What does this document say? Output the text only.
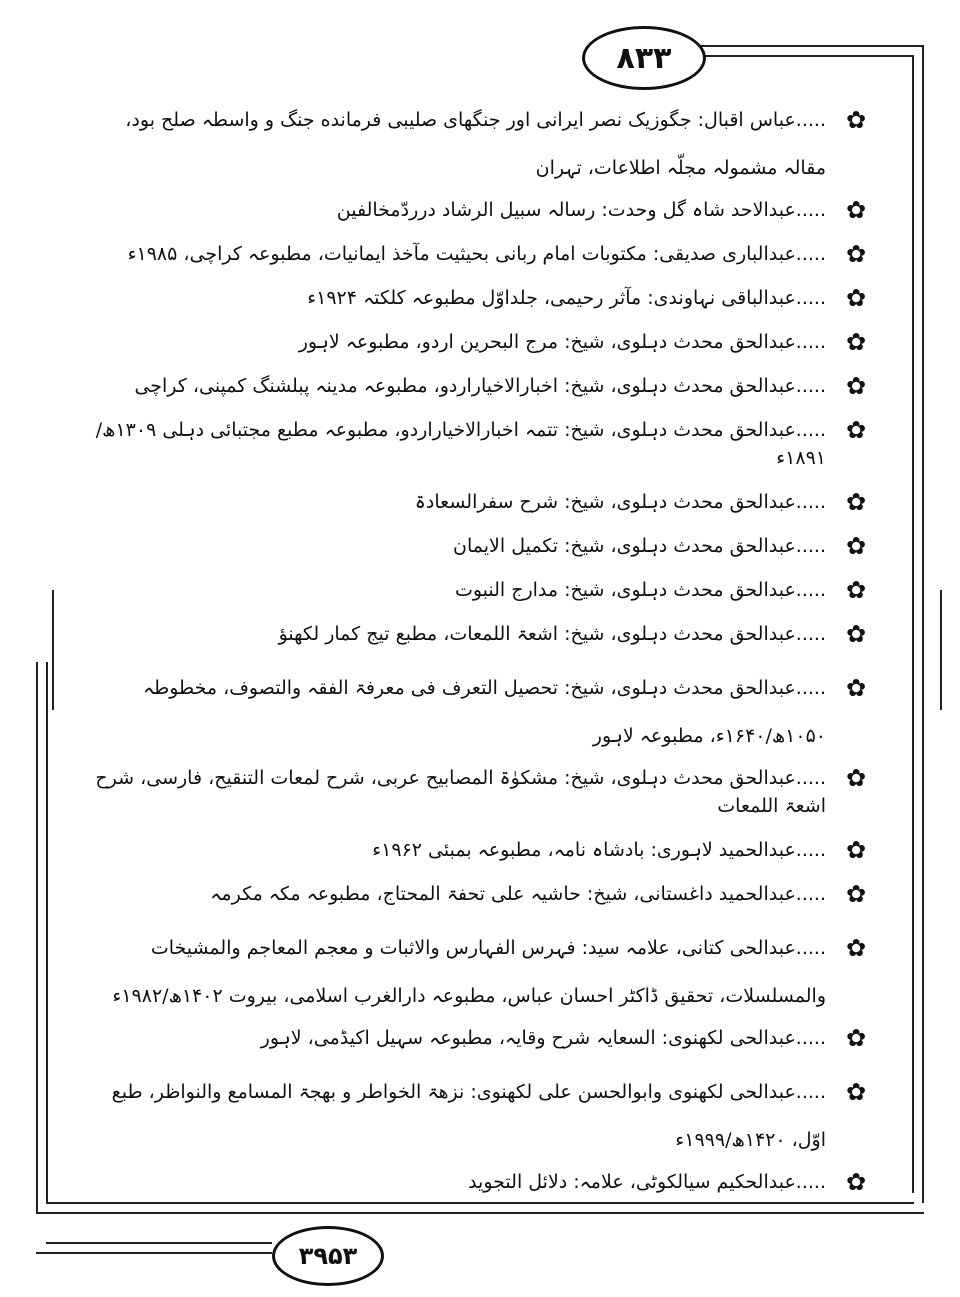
۸۳۳
✿
.....عباس اقبال: جگوزیک نصر ایرانی اور جنگھای صلیبی فرمانده جنگ و واسطہ صلح بود، مقالہ مشمولہ مجلّہ اطلاعات، تہران
✿
.....عبدالاحد شاہ گل وحدت: رسالہ سبیل الرشاد درردّمخالفین
✿
.....عبدالباری صدیقی: مکتوبات امام ربانی بحیثیت مآخذ ایمانیات، مطبوعہ کراچی، ۱۹۸۵ء
✿
.....عبدالباقی نہاوندی: مآثر رحیمی، جلداوّل مطبوعہ کلکتہ ۱۹۲۴ء
✿
.....عبدالحق محدث دہلوی، شیخ: مرج البحرین اردو، مطبوعہ لاہور
✿
.....عبدالحق محدث دہلوی، شیخ: اخبارالاخیاراردو، مطبوعہ مدینہ پبلشنگ کمپنی، کراچی
✿
.....عبدالحق محدث دہلوی، شیخ: تتمہ اخبارالاخیاراردو، مطبوعہ مطبع مجتبائی دہلی ۱۳۰۹ھ/۱۸۹۱ء
✿
.....عبدالحق محدث دہلوی، شیخ: شرح سفرالسعادۃ
✿
.....عبدالحق محدث دہلوی، شیخ: تکمیل الایمان
✿
.....عبدالحق محدث دہلوی، شیخ: مدارج النبوت
✿
.....عبدالحق محدث دہلوی، شیخ: اشعۃ اللمعات، مطبع تیج کمار لکھنؤ
✿
.....عبدالحق محدث دہلوی، شیخ: تحصیل التعرف فی معرفۃ الفقہ والتصوف، مخطوطہ ۱۰۵۰ھ/۱۶۴۰ء، مطبوعہ لاہور
✿
.....عبدالحق محدث دہلوی، شیخ: مشکوٰۃ المصابیح عربی، شرح لمعات التنقیح، فارسی، شرح اشعۃ اللمعات
✿
.....عبدالحمید لاہوری: بادشاہ نامہ، مطبوعہ بمبئی ۱۹۶۲ء
✿
.....عبدالحمید داغستانی، شیخ: حاشیہ علی تحفۃ المحتاج، مطبوعہ مکہ مکرمہ
✿
.....عبدالحی کتانی، علامہ سید: فہرس الفہارس والاثبات و معجم المعاجم والمشیخات والمسلسلات، تحقیق ڈاکٹر احسان عباس، مطبوعہ دارالغرب اسلامی، بیروت ۱۴۰۲ھ/۱۹۸۲ء
✿
.....عبدالحی لکھنوی: السعایہ شرح وقایہ، مطبوعہ سہیل اکیڈمی، لاہور
✿
.....عبدالحی لکھنوی وابوالحسن علی لکھنوی: نزھۃ الخواطر و بھجۃ المسامع والنواظر، طبع اوّل، ۱۴۲۰ھ/۱۹۹۹ء
✿
.....عبدالحکیم سیالکوٹی، علامہ: دلائل التجوید
۳۹۵۳
